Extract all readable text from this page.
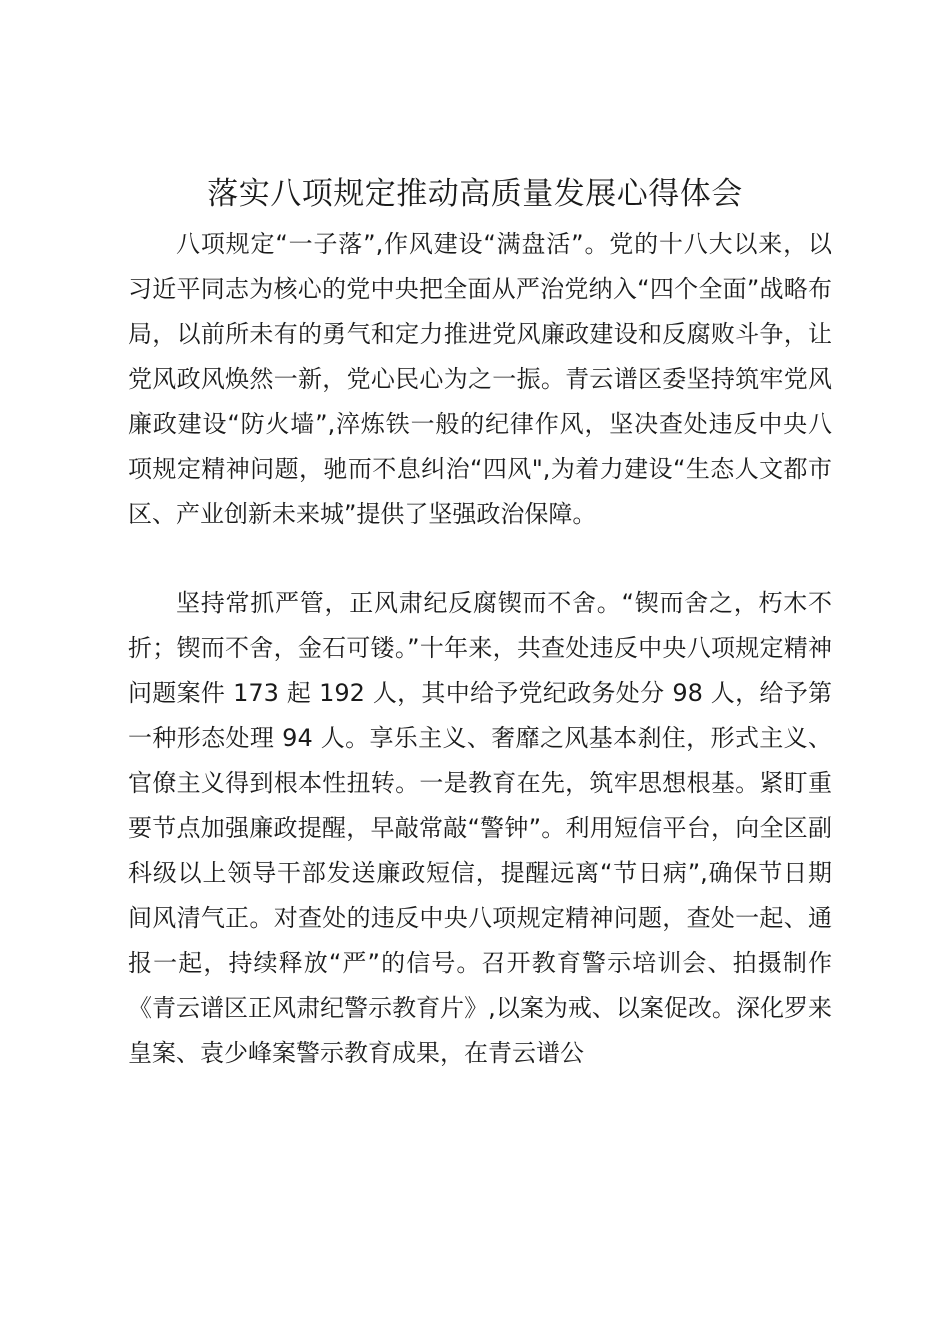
落实八项规定推动高质量发展心得体会

八项规定“一子落”,作风建设“满盘活”。党的十八大以来，以习近平同志为核心的党中央把全面从严治党纳入“四个全面”战略布局，以前所未有的勇气和定力推进党风廉政建设和反腐败斗争，让党风政风焕然一新，党心民心为之一振。青云谱区委坚持筑牢党风廉政建设“防火墙”,淬炼铁一般的纪律作风，坚决查处违反中央八项规定精神问题，驰而不息纠治“四风",为着力建设“生态人文都市区、产业创新未来城”提供了坚强政治保障。

坚持常抓严管，正风肃纪反腐锲而不舍。“锲而舍之，朽木不折；锲而不舍，金石可镂。”十年来，共查处违反中央八项规定精神问题案件 173 起 192 人，其中给予党纪政务处分 98 人，给予第一种形态处理 94 人。享乐主义、奢靡之风基本刹住，形式主义、官僚主义得到根本性扭转。一是教育在先，筑牢思想根基。紧盯重要节点加强廉政提醒，早敲常敲“警钟”。利用短信平台，向全区副科级以上领导干部发送廉政短信，提醒远离“节日病”,确保节日期间风清气正。对查处的违反中央八项规定精神问题，查处一起、通报一起，持续释放“严”的信号。召开教育警示培训会、拍摄制作《青云谱区正风肃纪警示教育片》,以案为戒、以案促改。深化罗来皇案、袁少峰案警示教育成果，在青云谱公
